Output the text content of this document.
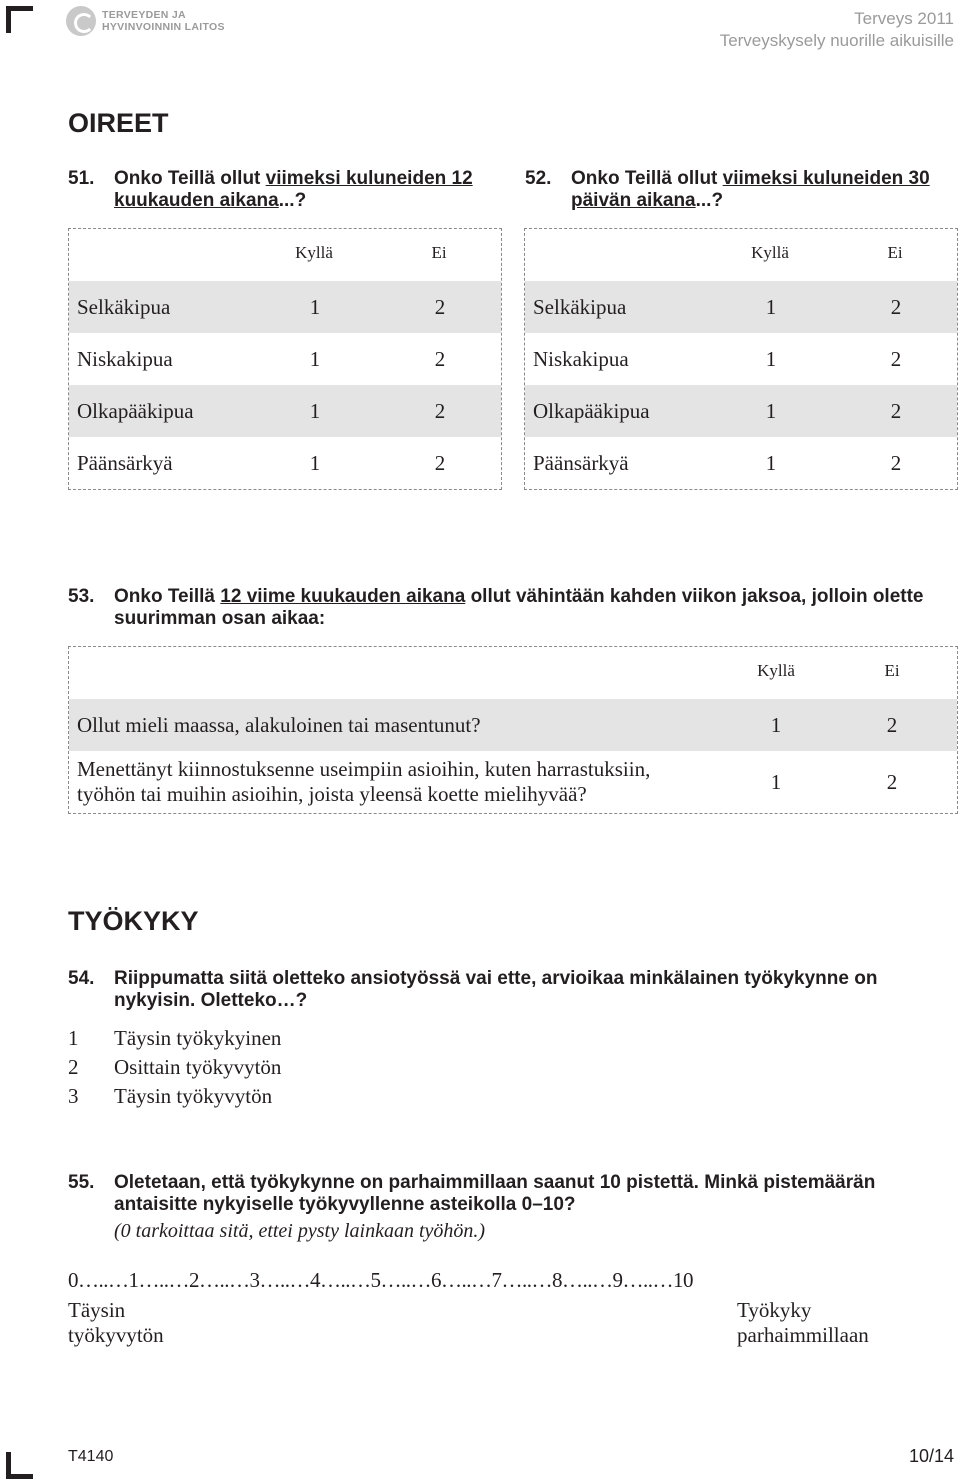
TERVEYDEN JA
HYVINVOINNIN LAITOS	Terveys 2011
Terveyskysely nuorille aikuisille
OIREET
51. Onko Teillä ollut viimeksi kuluneiden 12 kuukauden aikana...?
52. Onko Teillä ollut viimeksi kuluneiden 30 päivän aikana...?
Kyllä	Ei
Selkäkipua	1	2
Niskakipua	1	2
Olkapääkipua	1	2
Päänsärkyä	1	2
Kyllä	Ei
Selkäkipua	1	2
Niskakipua	1	2
Olkapääkipua	1	2
Päänsärkyä	1	2
53. Onko Teillä 12 viime kuukauden aikana ollut vähintään kahden viikon jaksoa, jolloin olette suurimman osan aikaa:
Kyllä	Ei
Ollut mieli maassa, alakuloinen tai masentunut?	1	2
Menettänyt kiinnostuksenne useimpiin asioihin, kuten harrastuksiin,
työhön tai muihin asioihin, joista yleensä koette mielihyvää?
1	2
TYÖKYKY
54. Riippumatta siitä oletteko ansiotyössä vai ette, arvioikaa minkälainen työkykynne on nykyisin. Oletteko…?
1 Täysin työkykyinen
2 Osittain työkyvytön
3 Täysin työkyvytön
55. Oletetaan, että työkykynne on parhaimmillaan saanut 10 pistettä. Minkä pistemäärän antaisitte nykyiselle työkyvyllenne asteikolla 0–10?
(0 tarkoittaa sitä, ettei pysty lainkaan työhön.)
0…..…1…..…2…..…3…..…4…..…5…..…6…..…7…..…8…..…9…..…10
Täysin
työkyvytön
Työkyky
parhaimmillaan
T4140	10/14
